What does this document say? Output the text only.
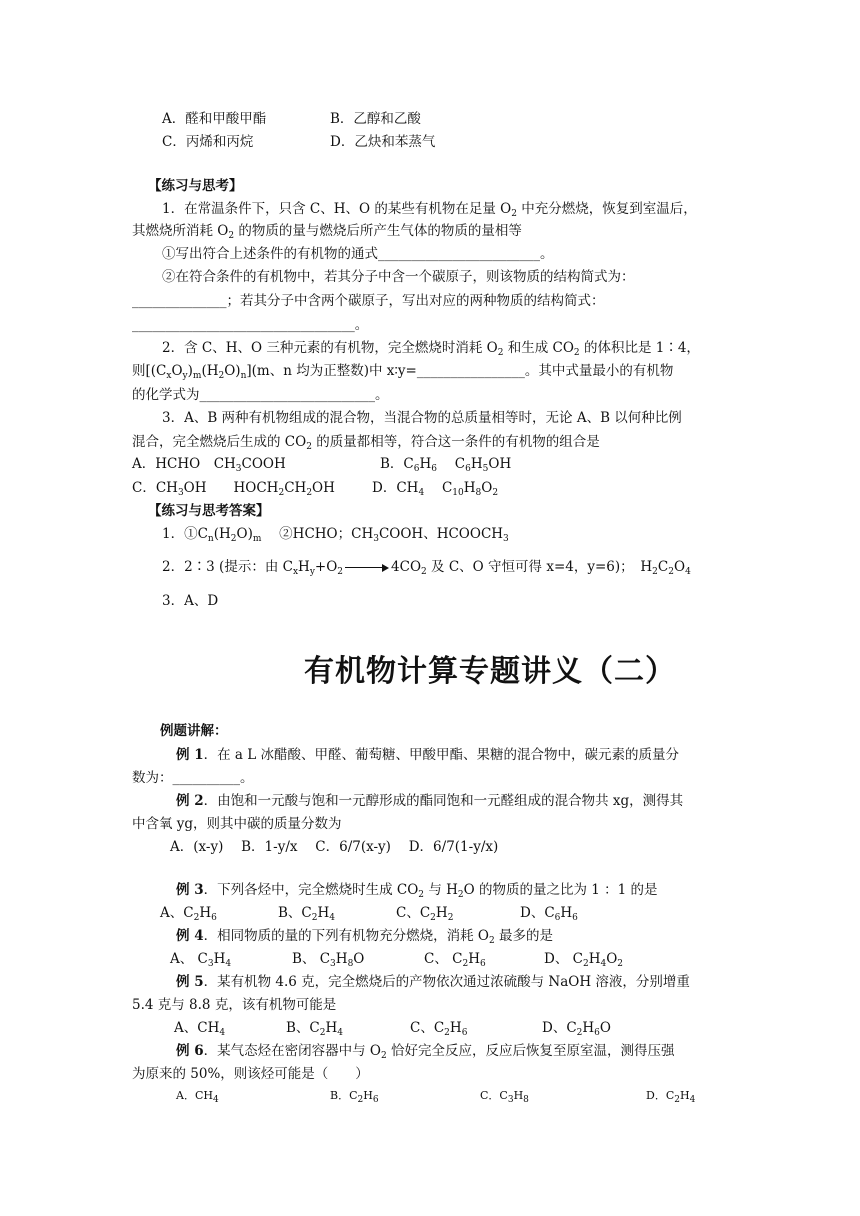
A．醛和甲酸甲酯	B．乙醇和乙酸
C．丙烯和丙烷	D．乙炔和苯蒸气
【练习与思考】
1．在常温条件下，只含 C、H、O 的某些有机物在足量 $O_2$ 中充分燃烧，恢复到室温后，
其燃烧所消耗 $O_2$ 的物质的量与燃烧后所产生气体的物质的量相等
①写出符合上述条件的有机物的通式________________________。
②在符合条件的有机物中，若其分子中含一个碳原子，则该物质的结构简式为：
______________；若其分子中含两个碳原子，写出对应的两种物质的结构简式：
_________________________________。
2．含 C、H、O 三种元素的有机物，完全燃烧时消耗 $O_2$ 和生成 $CO_2$ 的体积比是 1∶4，
则$[(C_xO_y)_m(H_2O)_n](m$、n 均为正整数)中 x∶y=________________。其中式量最小的有机物
的化学式为__________________________。
3．A、B 两种有机物组成的混合物，当混合物的总质量相等时，无论 A、B 以何种比例
混合，完全燃烧后生成的 $CO_2$ 的质量都相等，符合这一条件的有机物的组合是
A．HCHO　$CH_3COOH$	B．$C_6H_6$　 $C_6H_5OH$
C．$CH_3OH$　　$HOCH_2CH_2OH$	D．$CH_4$　 $C_{10}H_8O_2$
【练习与思考答案】
1．$①C_n(H_2O)_m$　 ②HCHO；$CH_3COOH$、$HCOOCH_3$
2．2∶3 (提示：由 $C_xH_y+O_2$	$4CO_2$ 及 C、O 守恒可得 x=4，y=6)；　$H_2C_2O_4$
3．A、D
有机物计算专题讲义（二）
例题讲解：
例 1．在 a L 冰醋酸、甲醛、葡萄糖、甲酸甲酯、果糖的混合物中，碳元素的质量分
数为：__________。
例 2．由饱和一元酸与饱和一元醇形成的酯同饱和一元醛组成的混合物共 xg，测得其
中含氧 yg，则其中碳的质量分数为
A．(x-y)　 B．1-y/x　 C．6/7(x-y)　 D．6/7(1-y/x)
例 3．下列各烃中，完全燃烧时生成 $CO_2$ 与 $H_2O$ 的物质的量之比为 1 ：1 的是
A、$C_2H_6$	B、$C_2H_4$	C、$C_2H_2$	D、$C_6H_6$
例 4．相同物质的量的下列有机物充分燃烧，消耗 $O_2$ 最多的是
A、 $C_3H_4$	B、 $C_3H_8O$	C、 $C_2H_6$	D、 $C_2H_4O_2$
例 5．某有机物 4.6 克，完全燃烧后的产物依次通过浓硫酸与 NaOH 溶液，分别增重
5.4 克与 8.8 克，该有机物可能是
A、$CH_4$	B、$C_2H_4$	C、$C_2H_6$	D、$C_2H_6O$
例 6．某气态烃在密闭容器中与 $O_2$ 恰好完全反应，反应后恢复至原室温，测得压强
为原来的 50%，则该烃可能是（　　）
A．$CH_4$	B．$C_2H_6$	C．$C_3H_8$	D．$C_2H_4$
